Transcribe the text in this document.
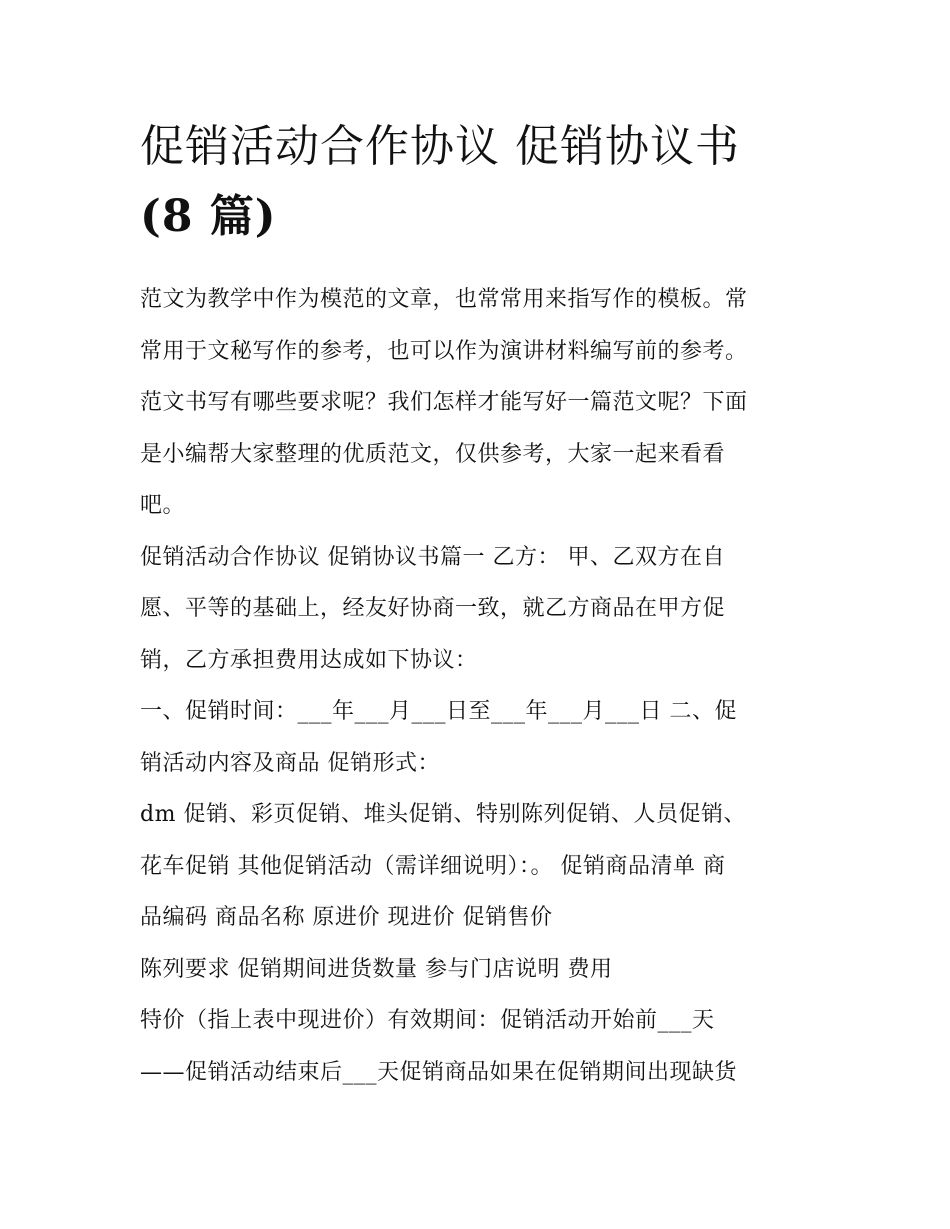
促销活动合作协议 促销协议书
(8 篇)
范文为教学中作为模范的文章，也常常用来指写作的模板。常
常用于文秘写作的参考，也可以作为演讲材料编写前的参考。
范文书写有哪些要求呢？我们怎样才能写好一篇范文呢？下面
是小编帮大家整理的优质范文，仅供参考，大家一起来看看
吧。
促销活动合作协议 促销协议书篇一 乙方： 甲、乙双方在自
愿、平等的基础上，经友好协商一致，就乙方商品在甲方促
销，乙方承担费用达成如下协议：
一、促销时间：___年___月___日至___年___月___日 二、促
销活动内容及商品 促销形式：
dm 促销、彩页促销、堆头促销、特别陈列促销、人员促销、
花车促销 其他促销活动（需详细说明）：。 促销商品清单 商
品编码 商品名称 原进价 现进价 促销售价
陈列要求 促销期间进货数量 参与门店说明 费用
特价（指上表中现进价）有效期间：促销活动开始前___天
——促销活动结束后___天促销商品如果在促销期间出现缺货
